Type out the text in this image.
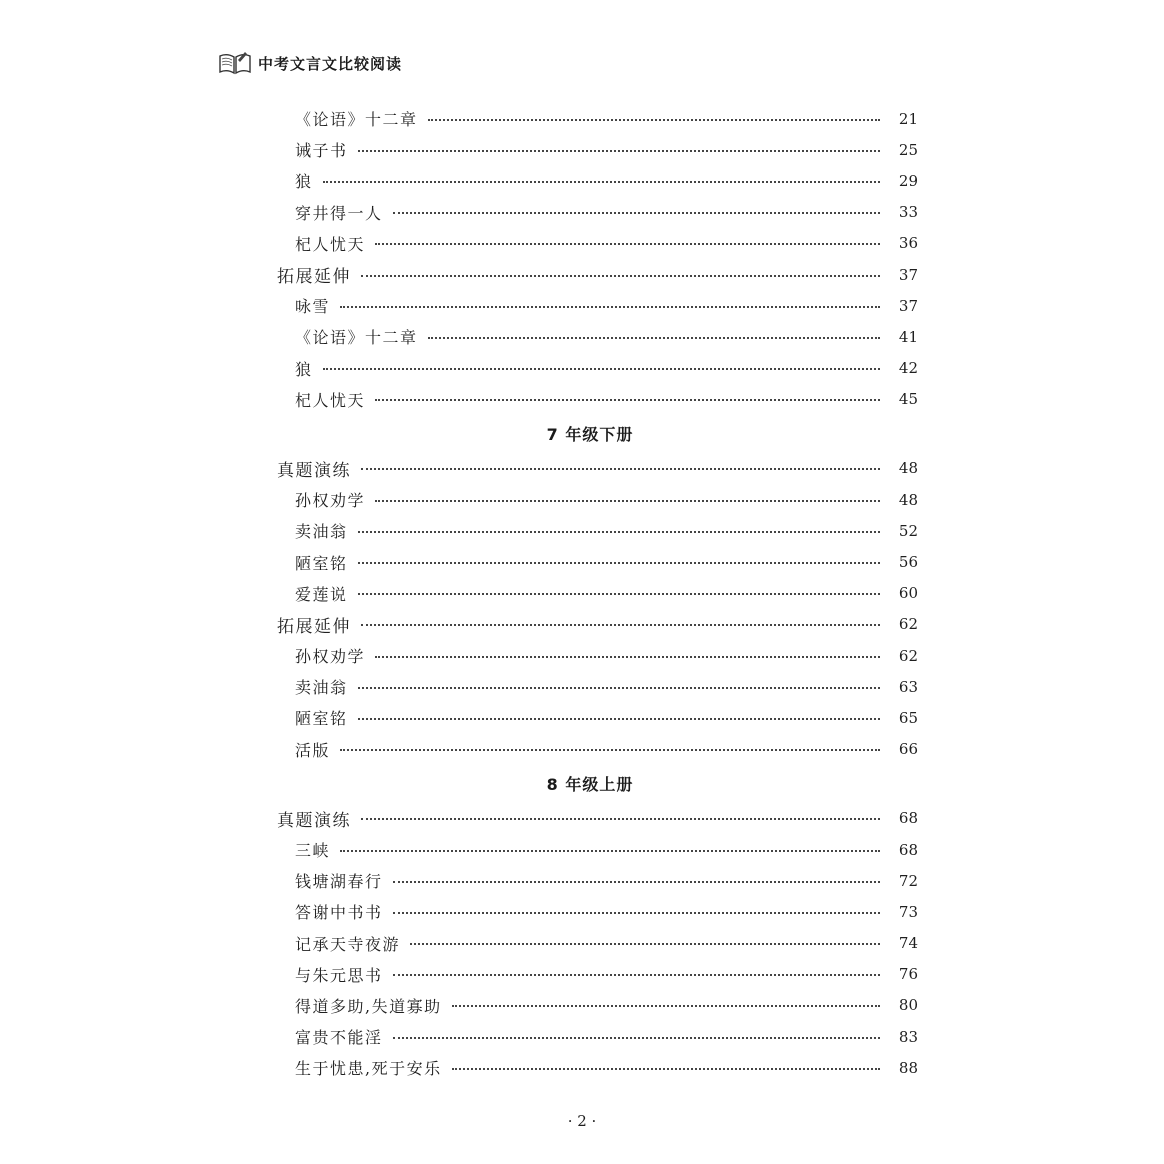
中考文言文比较阅读
《论语》十二章	21
诫子书	25
狼	29
穿井得一人	33
杞人忧天	36
拓展延伸	37
咏雪	37
《论语》十二章	41
狼	42
杞人忧天	45
7 年级下册
真题演练	48
孙权劝学	48
卖油翁	52
陋室铭	56
爱莲说	60
拓展延伸	62
孙权劝学	62
卖油翁	63
陋室铭	65
活版	66
8 年级上册
真题演练	68
三峡	68
钱塘湖春行	72
答谢中书书	73
记承天寺夜游	74
与朱元思书	76
得道多助,失道寡助	80
富贵不能淫	83
生于忧患,死于安乐	88
· 2 ·
